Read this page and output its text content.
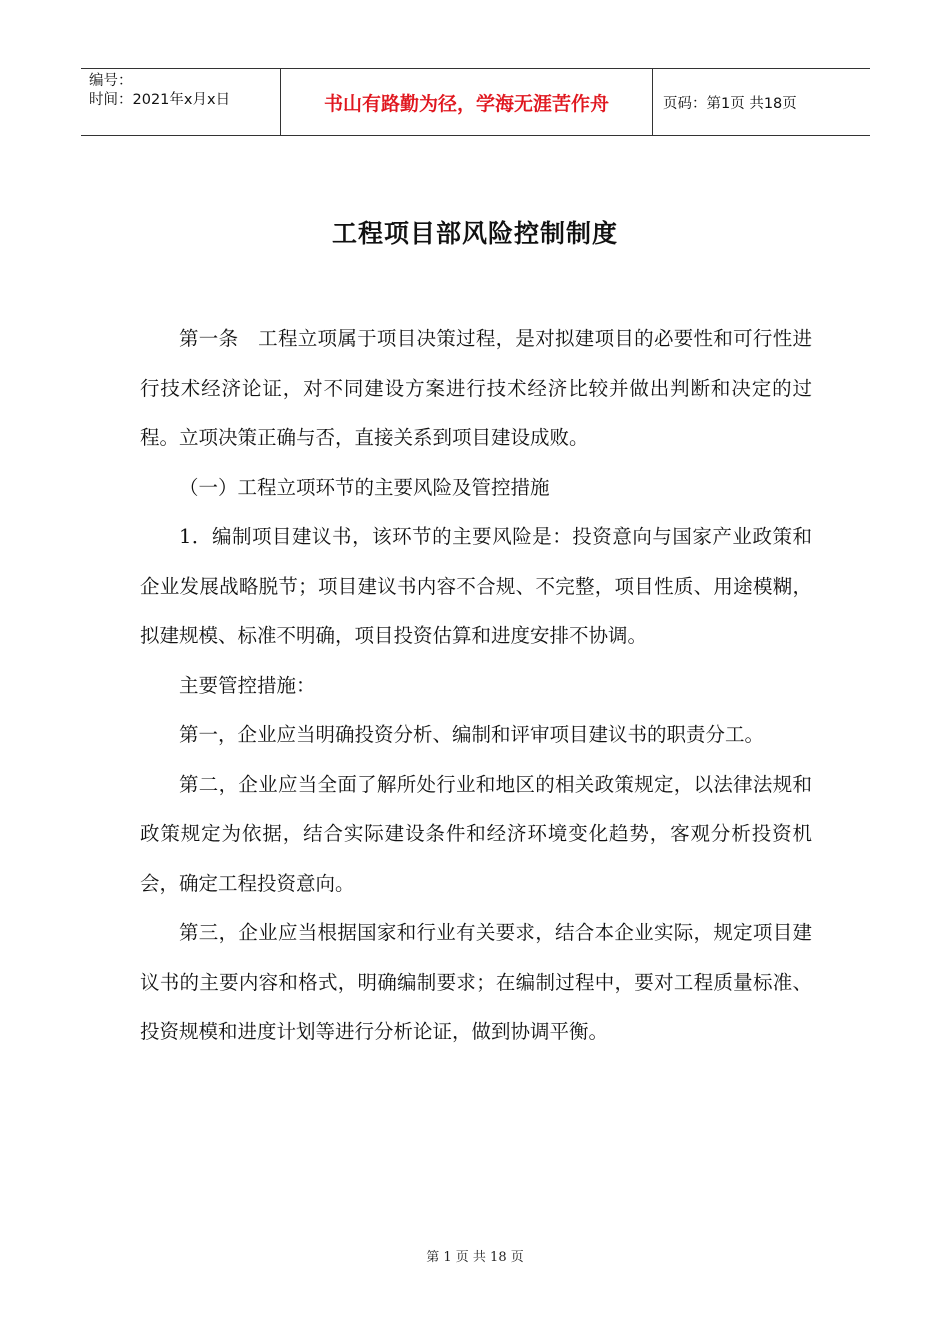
编号：
时间：2021年x月x日	书山有路勤为径，学海无涯苦作舟	页码：第1页 共18页
工程项目部风险控制制度

第一条　工程立项属于项目决策过程，是对拟建项目的必要性和可行性进行技术经济论证，对不同建设方案进行技术经济比较并做出判断和决定的过程。立项决策正确与否，直接关系到项目建设成败。

（一）工程立项环节的主要风险及管控措施

1．编制项目建议书，该环节的主要风险是：投资意向与国家产业政策和企业发展战略脱节；项目建议书内容不合规、不完整，项目性质、用途模糊，拟建规模、标准不明确，项目投资估算和进度安排不协调。

主要管控措施：

第一，企业应当明确投资分析、编制和评审项目建议书的职责分工。

第二，企业应当全面了解所处行业和地区的相关政策规定，以法律法规和政策规定为依据，结合实际建设条件和经济环境变化趋势，客观分析投资机会，确定工程投资意向。

第三，企业应当根据国家和行业有关要求，结合本企业实际，规定项目建议书的主要内容和格式，明确编制要求；在编制过程中，要对工程质量标准、投资规模和进度计划等进行分析论证，做到协调平衡。

第 1 页 共 18 页
